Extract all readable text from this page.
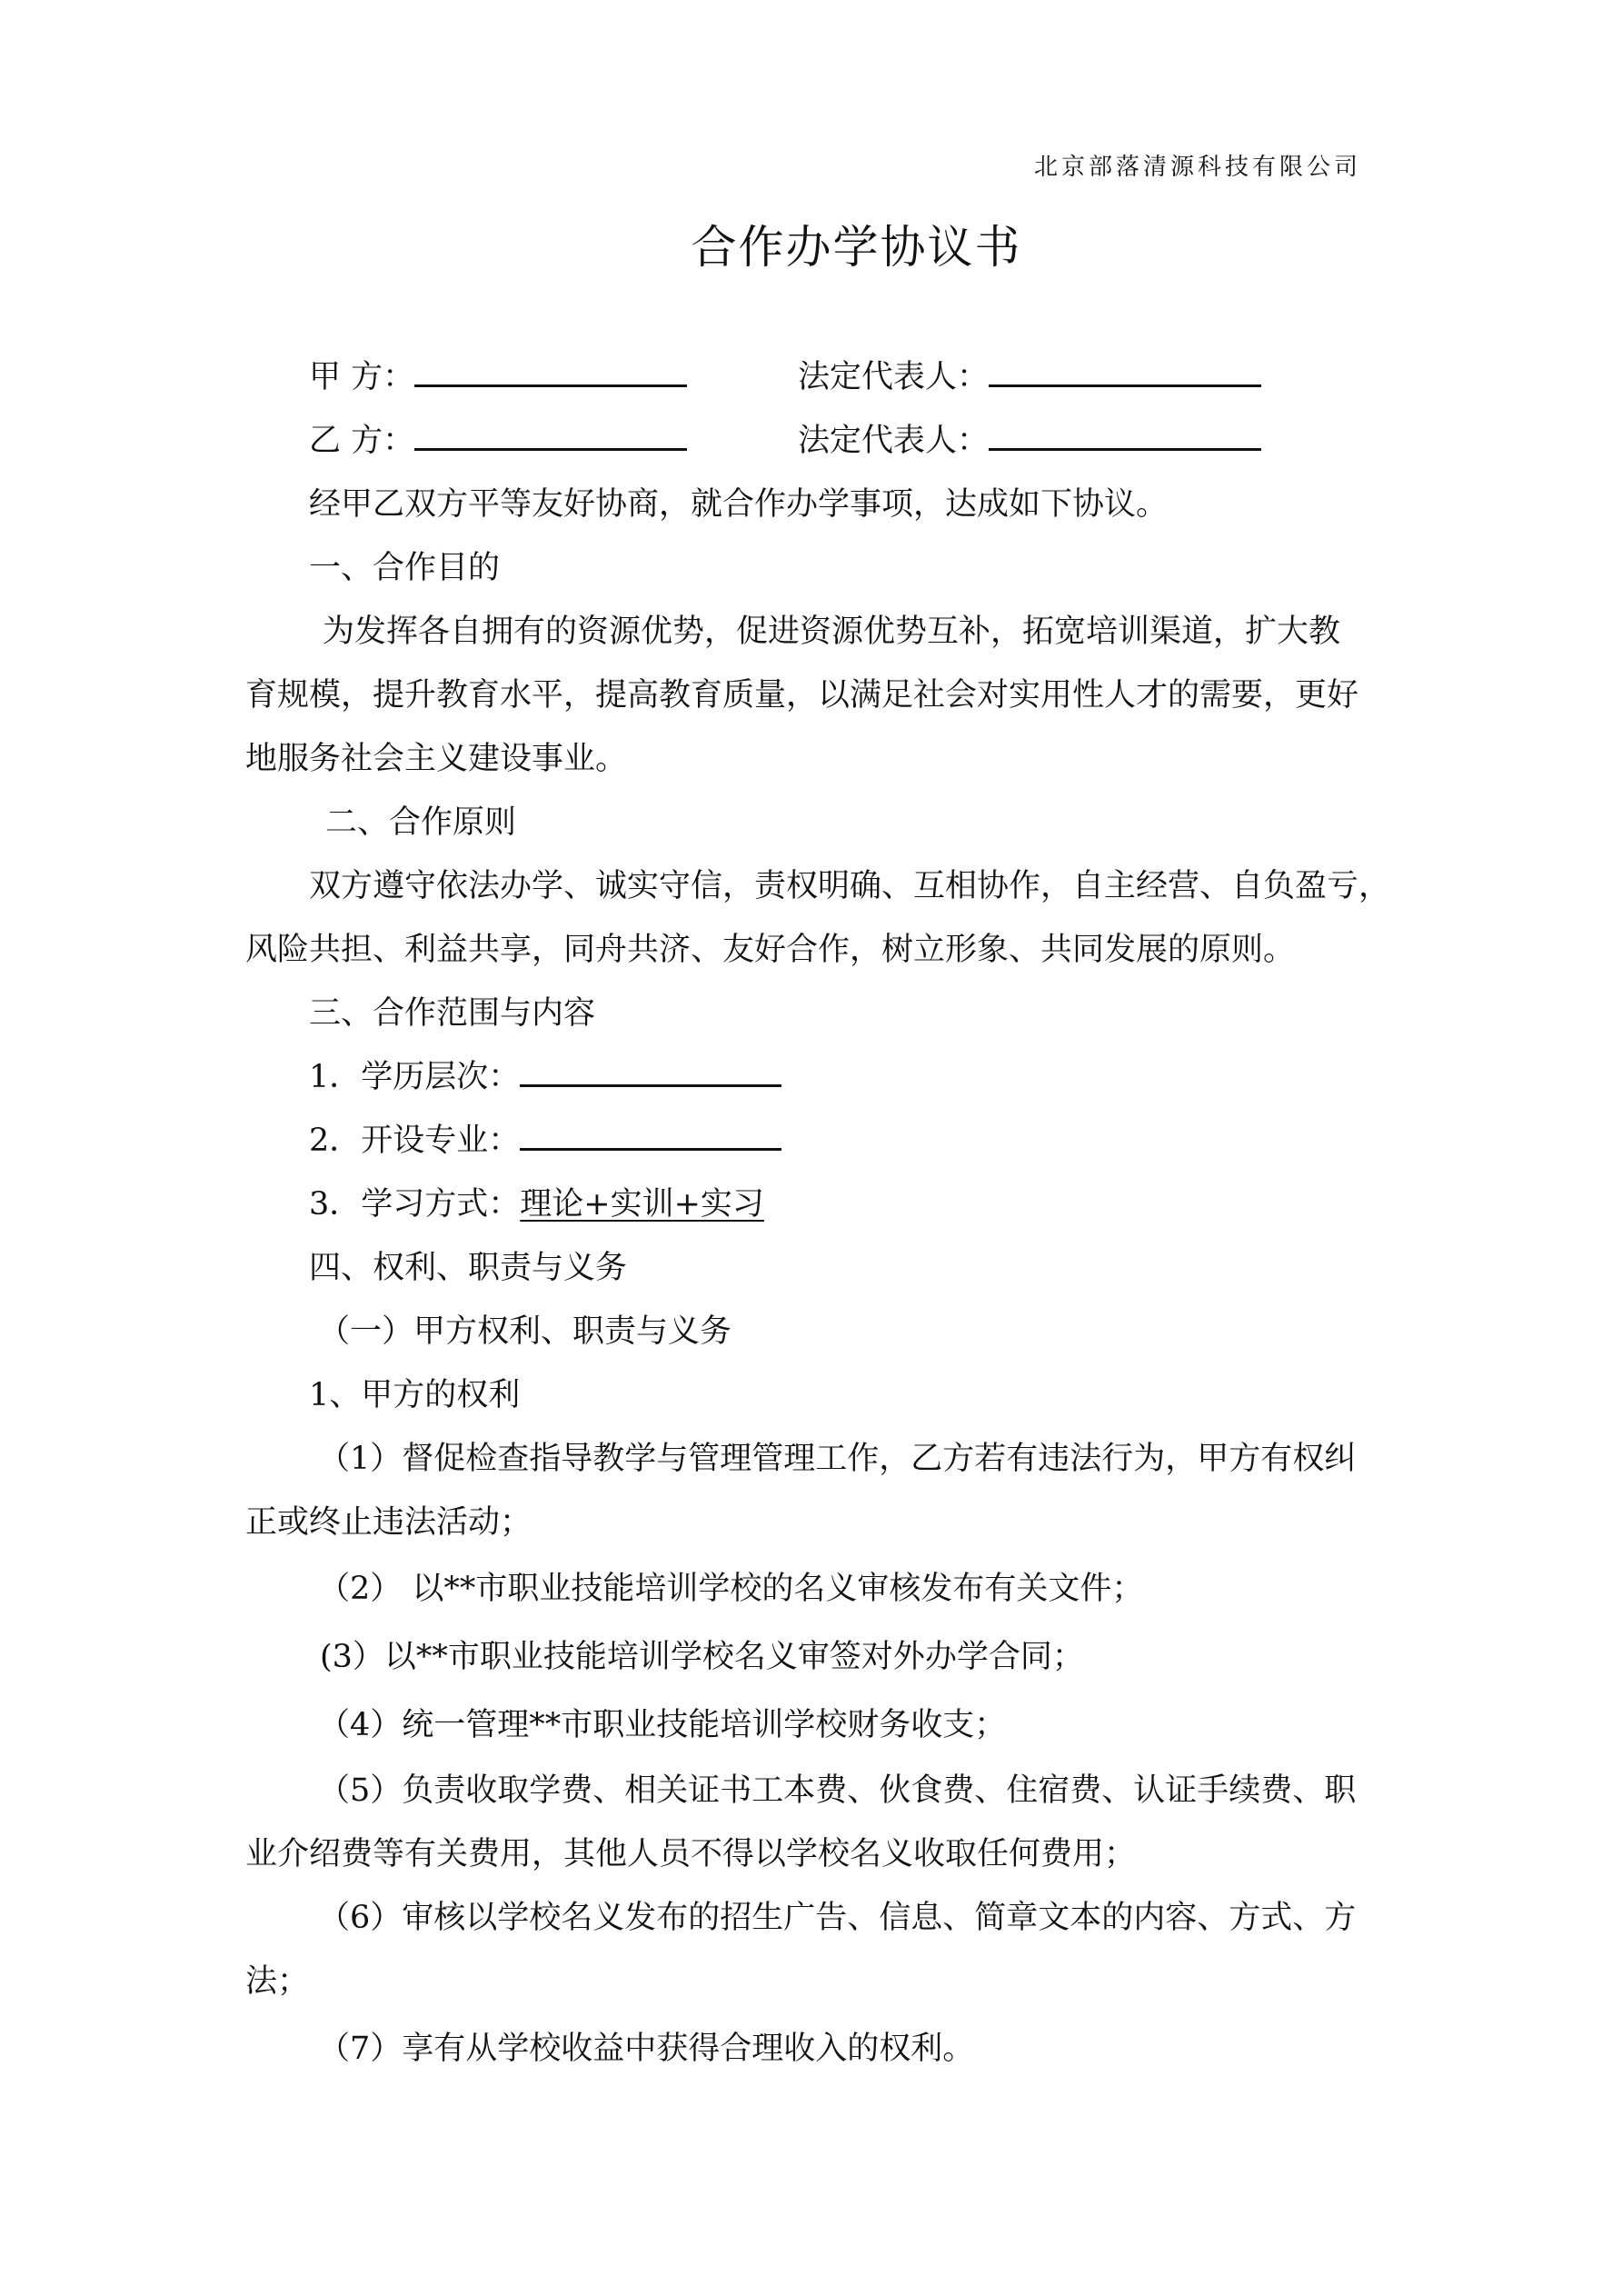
北京部落清源科技有限公司
合作办学协议书
甲 方：	法定代表人：
乙 方：	法定代表人：
经甲乙双方平等友好协商，就合作办学事项，达成如下协议。
一、合作目的
为发挥各自拥有的资源优势，促进资源优势互补，拓宽培训渠道，扩大教
育规模，提升教育水平，提高教育质量，以满足社会对实用性人才的需要，更好
地服务社会主义建设事业。
二、合作原则
双方遵守依法办学、诚实守信，责权明确、互相协作，自主经营、自负盈亏，
风险共担、利益共享，同舟共济、友好合作，树立形象、共同发展的原则。
三、合作范围与内容
1．学历层次：
2．开设专业：
3．学习方式：理论+实训+实习
四、权利、职责与义务
（一）甲方权利、职责与义务
1、甲方的权利
（1）督促检查指导教学与管理管理工作，乙方若有违法行为，甲方有权纠
正或终止违法活动；
（2） 以**市职业技能培训学校的名义审核发布有关文件；
(3）以**市职业技能培训学校名义审签对外办学合同；
（4）统一管理**市职业技能培训学校财务收支；
（5）负责收取学费、相关证书工本费、伙食费、住宿费、认证手续费、职
业介绍费等有关费用，其他人员不得以学校名义收取任何费用；
（6）审核以学校名义发布的招生广告、信息、简章文本的内容、方式、方
法；
（7）享有从学校收益中获得合理收入的权利。
